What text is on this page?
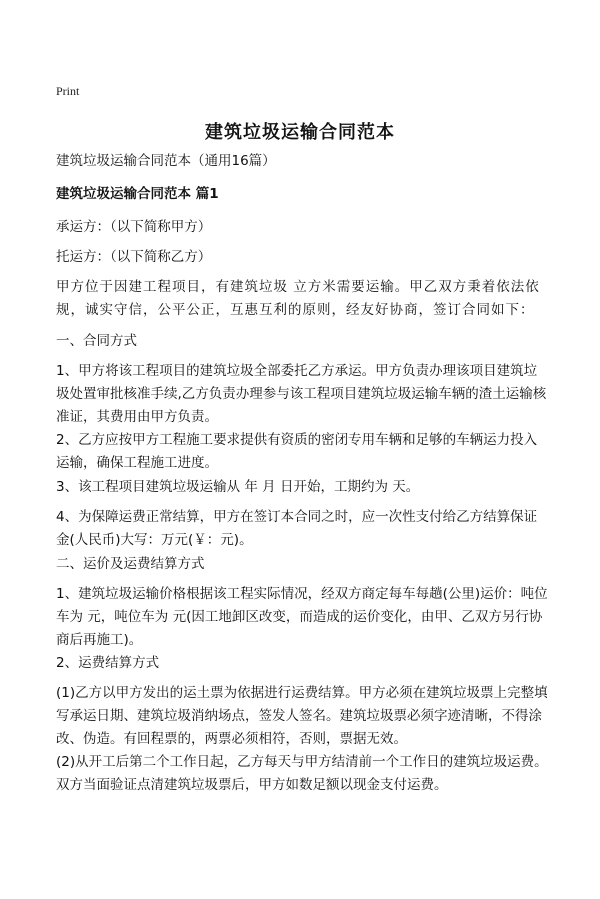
Print
建筑垃圾运输合同范本
建筑垃圾运输合同范本（通用16篇）
建筑垃圾运输合同范本 篇1
承运方：（以下简称甲方）
托运方：（以下简称乙方）
甲方位于因建工程项目，有建筑垃圾 立方米需要运输。甲乙双方秉着依法依规，诚实守信，公平公正，互惠互利的原则，经友好协商，签订合同如下：
一、合同方式
1、甲方将该工程项目的建筑垃圾全部委托乙方承运。甲方负责办理该项目建筑垃圾处置审批核准手续,乙方负责办理参与该工程项目建筑垃圾运输车辆的渣土运输核准证，其费用由甲方负责。
2、乙方应按甲方工程施工要求提供有资质的密闭专用车辆和足够的车辆运力投入运输，确保工程施工进度。
3、该工程项目建筑垃圾运输从 年 月 日开始，工期约为 天。
4、为保障运费正常结算，甲方在签订本合同之时，应一次性支付给乙方结算保证金(人民币)大写：万元(￥：元)。
二、运价及运费结算方式
1、建筑垃圾运输价格根据该工程实际情况，经双方商定每车每趟(公里)运价：吨位车为 元，吨位车为 元(因工地卸区改变，而造成的运价变化，由甲、乙双方另行协商后再施工)。
2、运费结算方式
(1)乙方以甲方发出的运土票为依据进行运费结算。甲方必须在建筑垃圾票上完整填写承运日期、建筑垃圾消纳场点，签发人签名。建筑垃圾票必须字迹清晰，不得涂改、伪造。有回程票的，两票必须相符，否则，票据无效。
(2)从开工后第二个工作日起，乙方每天与甲方结清前一个工作日的建筑垃圾运费。双方当面验证点清建筑垃圾票后，甲方如数足额以现金支付运费。
